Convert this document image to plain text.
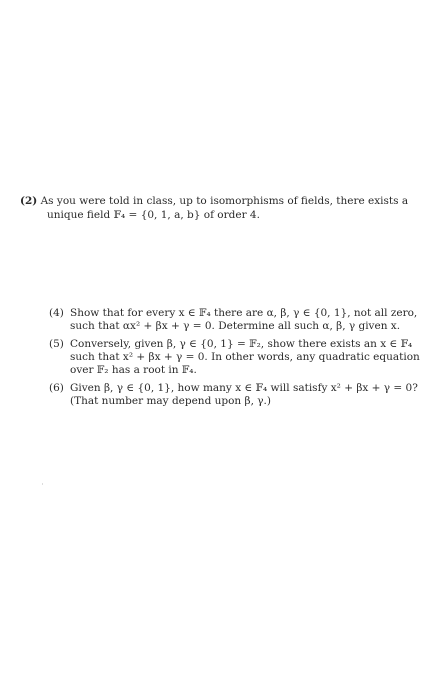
(2) As you were told in class, up to isomorphisms of fields, there exists a
unique field 𝔽₄ = {0, 1, a, b} of order 4.
(4) Show that for every x ∈ 𝔽₄ there are α, β, γ ∈ {0, 1}, not all zero,
such that αx² + βx + γ = 0. Determine all such α, β, γ given x.
(5) Conversely, given β, γ ∈ {0, 1} = 𝔽₂, show there exists an x ∈ 𝔽₄
such that x² + βx + γ = 0. In other words, any quadratic equation
over 𝔽₂ has a root in 𝔽₄.
(6) Given β, γ ∈ {0, 1}, how many x ∈ 𝔽₄ will satisfy x² + βx + γ = 0?
(That number may depend upon β, γ.)
